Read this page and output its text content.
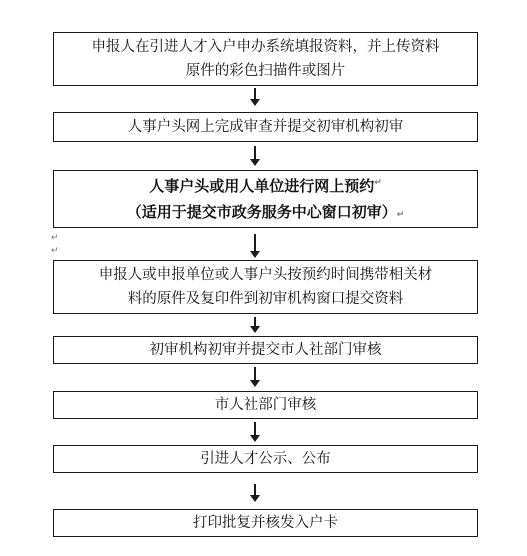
申报人在引进人才入户申办系统填报资料，并上传资料
原件的彩色扫描件或图片
人事户头网上完成审查并提交初审机构初审
人事户头或用人单位进行网上预约↵
（适用于提交市政务服务中心窗口初审）↵
↵
↵
申报人或申报单位或人事户头按预约时间携带相关材
料的原件及复印件到初审机构窗口提交资料
初审机构初审并提交市人社部门审核
市人社部门审核
引进人才公示、公布
打印批复并核发入户卡
